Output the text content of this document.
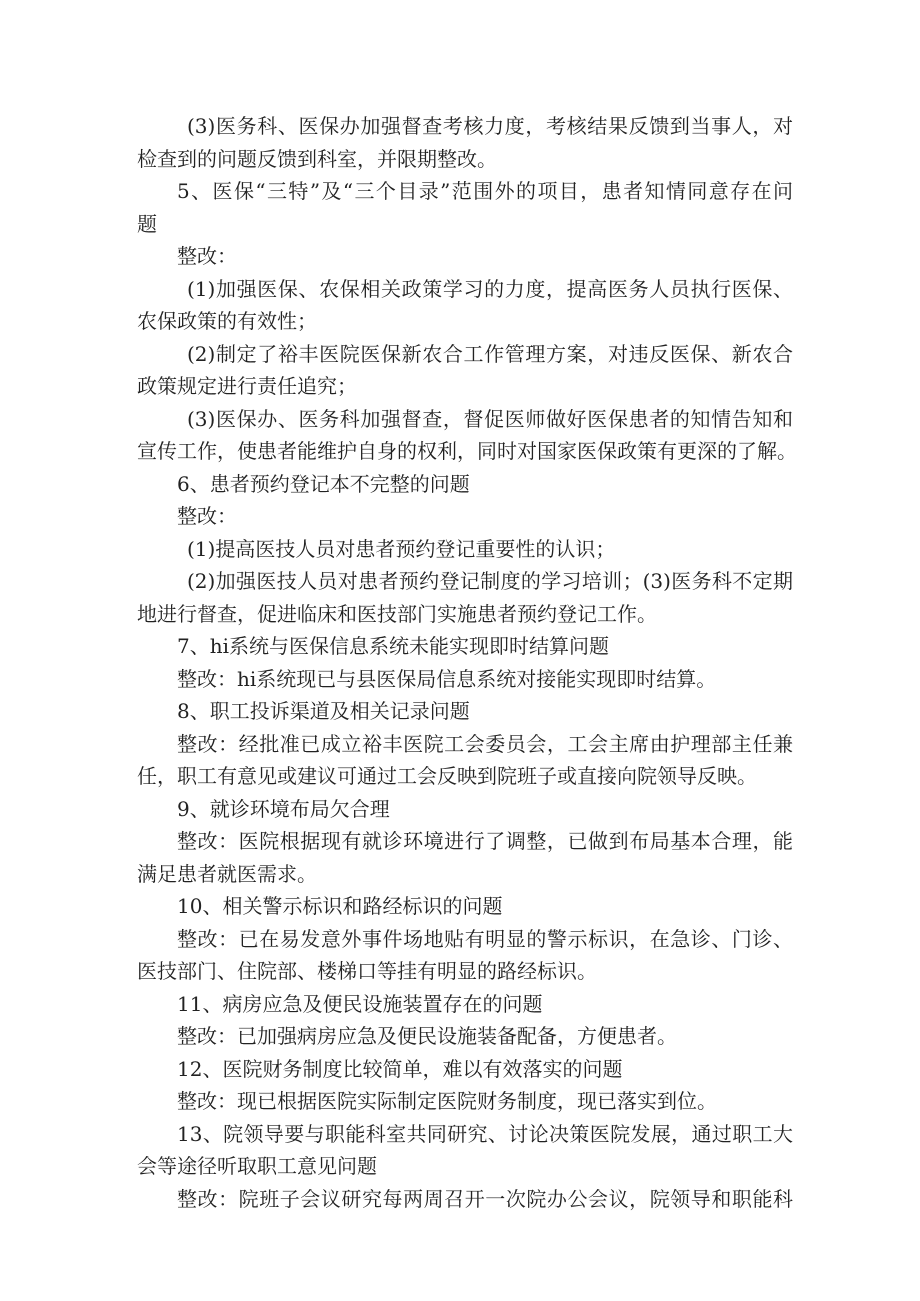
(3)医务科、医保办加强督查考核力度，考核结果反馈到当事人，对
检查到的问题反馈到科室，并限期整改。
5、医保“三特”及“三个目录”范围外的项目，患者知情同意存在问
题
整改：
(1)加强医保、农保相关政策学习的力度，提高医务人员执行医保、
农保政策的有效性；
(2)制定了裕丰医院医保新农合工作管理方案，对违反医保、新农合
政策规定进行责任追究；
(3)医保办、医务科加强督查，督促医师做好医保患者的知情告知和
宣传工作，使患者能维护自身的权利，同时对国家医保政策有更深的了解。
6、患者预约登记本不完整的问题
整改：
(1)提高医技人员对患者预约登记重要性的认识；
(2)加强医技人员对患者预约登记制度的学习培训；(3)医务科不定期
地进行督查，促进临床和医技部门实施患者预约登记工作。
7、hi系统与医保信息系统未能实现即时结算问题
整改：hi系统现已与县医保局信息系统对接能实现即时结算。
8、职工投诉渠道及相关记录问题
整改：经批准已成立裕丰医院工会委员会，工会主席由护理部主任兼
任，职工有意见或建议可通过工会反映到院班子或直接向院领导反映。
9、就诊环境布局欠合理
整改：医院根据现有就诊环境进行了调整，已做到布局基本合理，能
满足患者就医需求。
10、相关警示标识和路经标识的问题
整改：已在易发意外事件场地贴有明显的警示标识，在急诊、门诊、
医技部门、住院部、楼梯口等挂有明显的路经标识。
11、病房应急及便民设施装置存在的问题
整改：已加强病房应急及便民设施装备配备，方便患者。
12、医院财务制度比较简单，难以有效落实的问题
整改：现已根据医院实际制定医院财务制度，现已落实到位。
13、院领导要与职能科室共同研究、讨论决策医院发展，通过职工大
会等途径听取职工意见问题
整改：院班子会议研究每两周召开一次院办公会议，院领导和职能科
